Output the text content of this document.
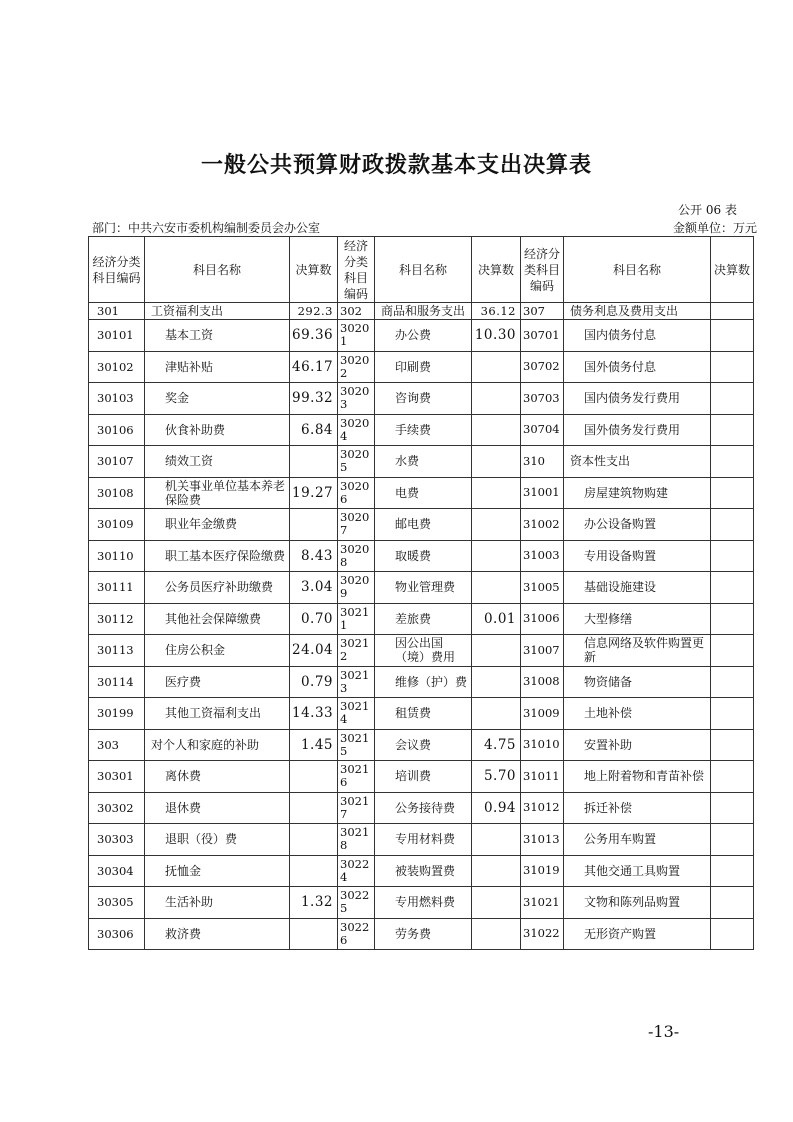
一般公共预算财政拨款基本支出决算表
公开 06 表
部门：中共六安市委机构编制委员会办公室	金额单位：万元
经济分类科目编码	科目名称	决算数	经济分类科目编码	科目名称	决算数	经济分类科目编码	科目名称	决算数
301	工资福利支出	292.3	302	商品和服务支出	36.12	307	债务利息及费用支出	
30101	基本工资	69.36	30201	办公费	10.30	30701	国内债务付息	
30102	津贴补贴	46.17	30202	印刷费		30702	国外债务付息	
30103	奖金	99.32	30203	咨询费		30703	国内债务发行费用	
30106	伙食补助费	6.84	30204	手续费		30704	国外债务发行费用	
30107	绩效工资		30205	水费		310	资本性支出	
30108	机关事业单位基本养老保险费	19.27	30206	电费		31001	房屋建筑物购建	
30109	职业年金缴费		30207	邮电费		31002	办公设备购置	
30110	职工基本医疗保险缴费	8.43	30208	取暖费		31003	专用设备购置	
30111	公务员医疗补助缴费	3.04	30209	物业管理费		31005	基础设施建设	
30112	其他社会保障缴费	0.70	30211	差旅费	0.01	31006	大型修缮	
30113	住房公积金	24.04	30212	因公出国（境）费用		31007	信息网络及软件购置更新	
30114	医疗费	0.79	30213	维修（护）费		31008	物资储备	
30199	其他工资福利支出	14.33	30214	租赁费		31009	土地补偿	
303	对个人和家庭的补助	1.45	30215	会议费	4.75	31010	安置补助	
30301	离休费		30216	培训费	5.70	31011	地上附着物和青苗补偿	
30302	退休费		30217	公务接待费	0.94	31012	拆迁补偿	
30303	退职（役）费		30218	专用材料费		31013	公务用车购置	
30304	抚恤金		30224	被装购置费		31019	其他交通工具购置	
30305	生活补助	1.32	30225	专用燃料费		31021	文物和陈列品购置	
30306	救济费		30226	劳务费		31022	无形资产购置	
-13-
